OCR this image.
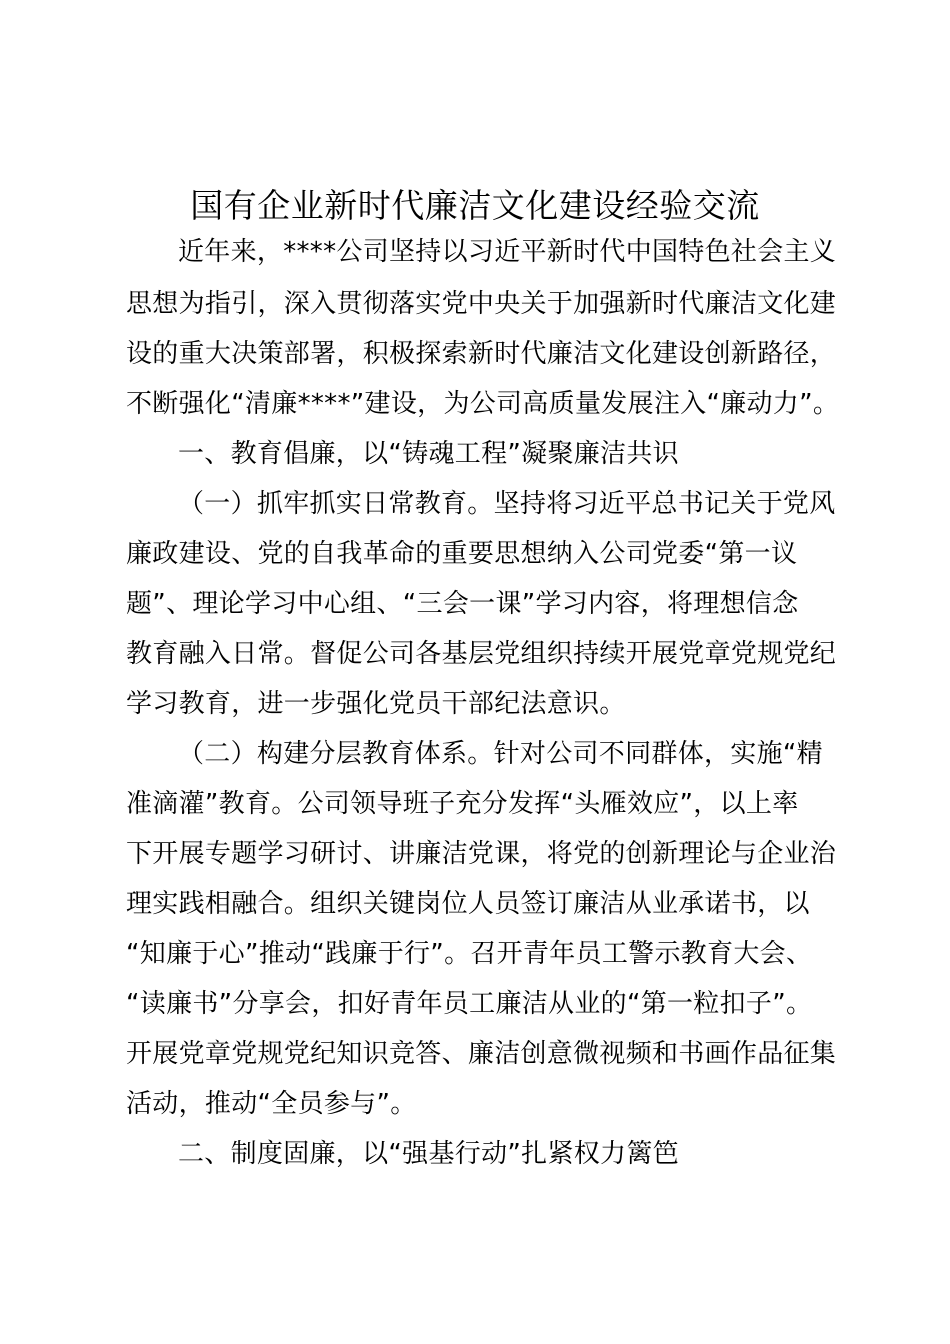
国有企业新时代廉洁文化建设经验交流

近年来，****公司坚持以习近平新时代中国特色社会主义

思想为指引，深入贯彻落实党中央关于加强新时代廉洁文化建

设的重大决策部署，积极探索新时代廉洁文化建设创新路径，

不断强化“清廉****”建设，为公司高质量发展注入“廉动力”。

一、教育倡廉，以“铸魂工程”凝聚廉洁共识

（一）抓牢抓实日常教育。坚持将习近平总书记关于党风

廉政建设、党的自我革命的重要思想纳入公司党委“第一议

题”、理论学习中心组、“三会一课”学习内容，将理想信念

教育融入日常。督促公司各基层党组织持续开展党章党规党纪

学习教育，进一步强化党员干部纪法意识。

（二）构建分层教育体系。针对公司不同群体，实施“精

准滴灌”教育。公司领导班子充分发挥“头雁效应”，以上率

下开展专题学习研讨、讲廉洁党课，将党的创新理论与企业治

理实践相融合。组织关键岗位人员签订廉洁从业承诺书，以

“知廉于心”推动“践廉于行”。召开青年员工警示教育大会、

“读廉书”分享会，扣好青年员工廉洁从业的“第一粒扣子”。

开展党章党规党纪知识竞答、廉洁创意微视频和书画作品征集

活动，推动“全员参与”。

二、制度固廉，以“强基行动”扎紧权力篱笆
